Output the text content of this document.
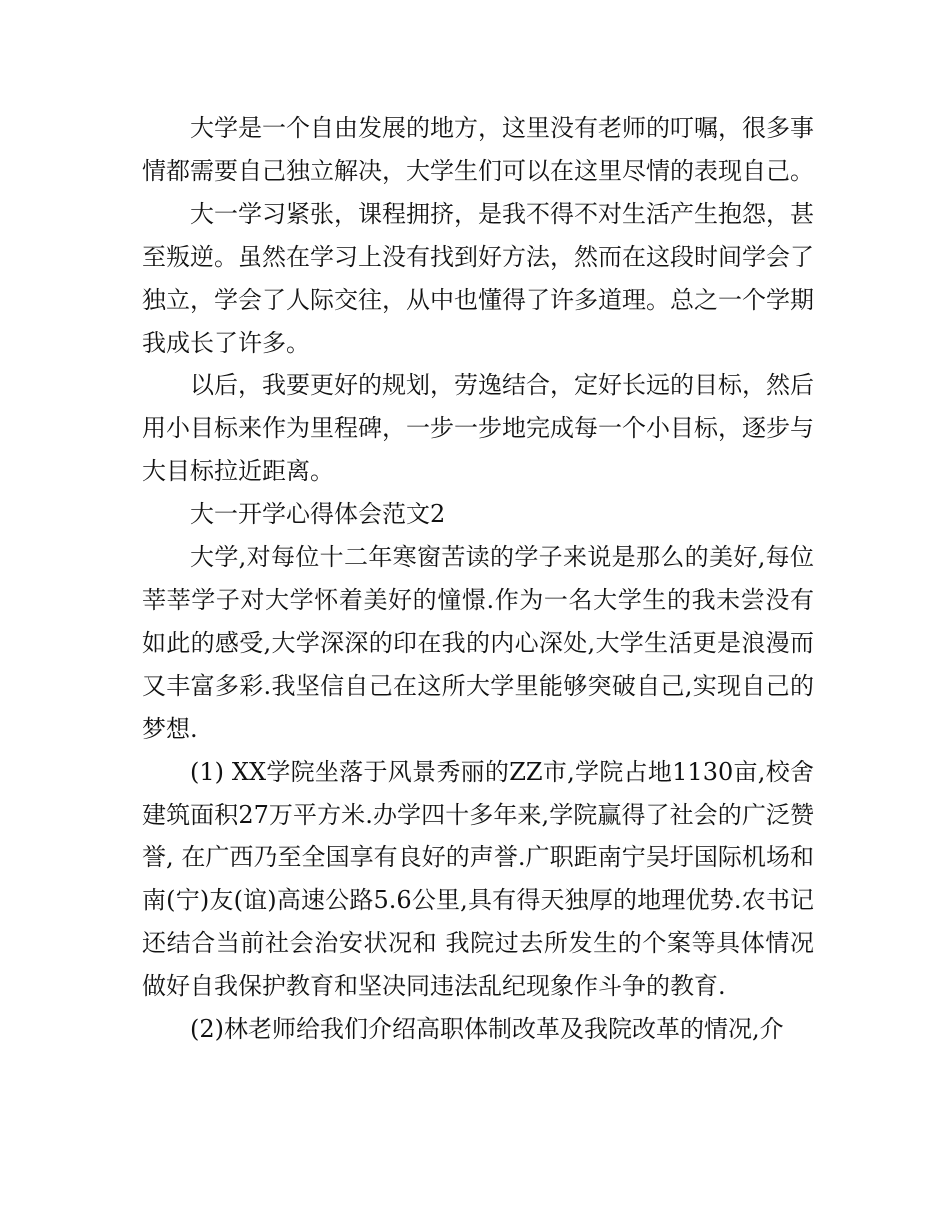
大学是一个自由发展的地方，这里没有老师的叮嘱，很多事情都需要自己独立解决，大学生们可以在这里尽情的表现自己。

大一学习紧张，课程拥挤，是我不得不对生活产生抱怨，甚至叛逆。虽然在学习上没有找到好方法，然而在这段时间学会了独立，学会了人际交往，从中也懂得了许多道理。总之一个学期我成长了许多。

以后，我要更好的规划，劳逸结合，定好长远的目标，然后用小目标来作为里程碑，一步一步地完成每一个小目标，逐步与大目标拉近距离。

大一开学心得体会范文2

大学,对每位十二年寒窗苦读的学子来说是那么的美好,每位莘莘学子对大学怀着美好的憧憬.作为一名大学生的我未尝没有如此的感受,大学深深的印在我的内心深处,大学生活更是浪漫而又丰富多彩.我坚信自己在这所大学里能够突破自己,实现自己的梦想.

(1) XX学院坐落于风景秀丽的ZZ市,学院占地1130亩,校舍建筑面积27万平方米.办学四十多年来,学院赢得了社会的广泛赞誉, 在广西乃至全国享有良好的声誉.广职距南宁吴圩国际机场和南(宁)友(谊)高速公路5.6公里,具有得天独厚的地理优势.农书记还结合当前社会治安状况和 我院过去所发生的个案等具体情况做好自我保护教育和坚决同违法乱纪现象作斗争的教育.

(2)林老师给我们介绍高职体制改革及我院改革的情况,介
